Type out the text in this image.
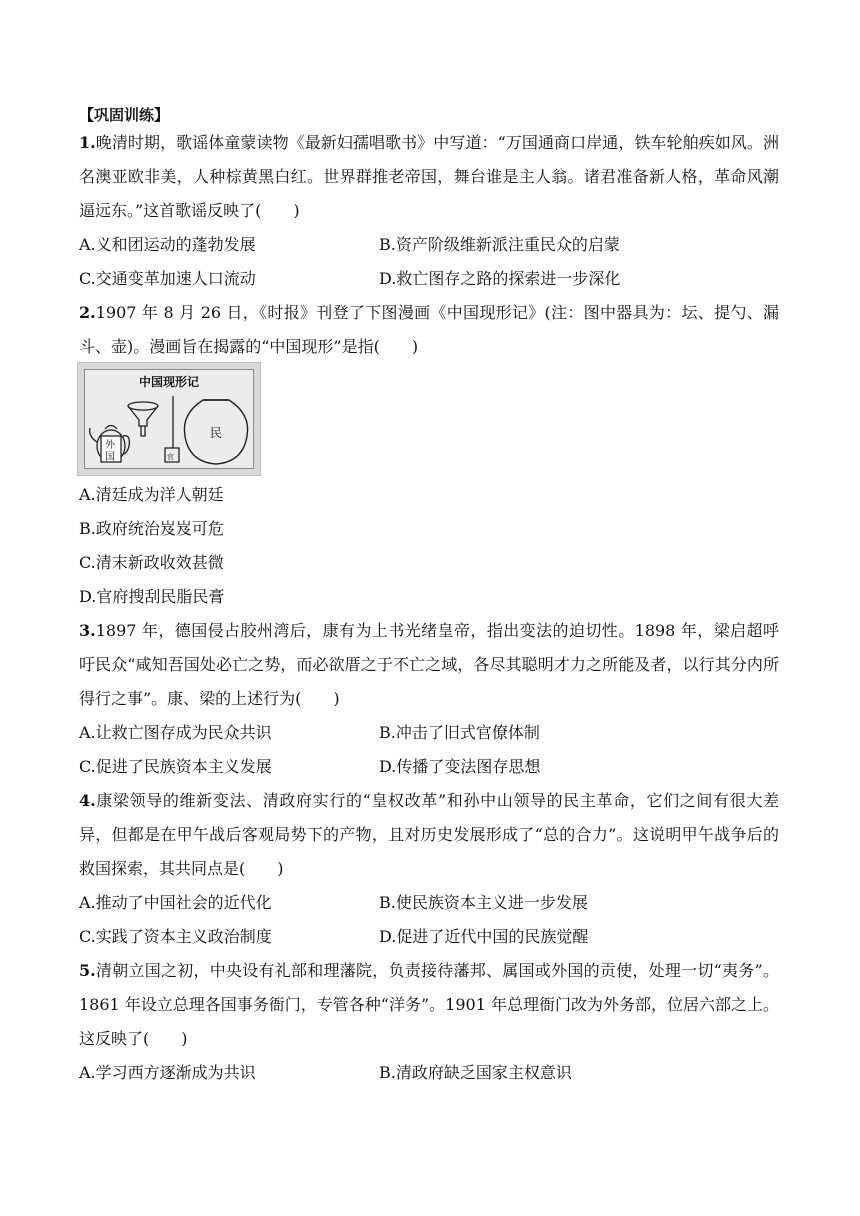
【巩固训练】
1.晚清时期，歌谣体童蒙读物《最新妇孺唱歌书》中写道：“万国通商口岸通，铁车轮舶疾如风。洲名澳亚欧非美，人种棕黄黑白红。世界群推老帝国，舞台谁是主人翁。诸君准备新人格，革命风潮逼远东。”这首歌谣反映了(　　)
A.义和团运动的蓬勃发展	B.资产阶级维新派注重民众的启蒙
C.交通变革加速人口流动	D.救亡图存之路的探索进一步深化
2.1907 年 8 月 26 日，《时报》刊登了下图漫画《中国现形记》(注：图中器具为：坛、提勺、漏斗、壶)。漫画旨在揭露的“中国现形”是指(　　)
中国现形记
外
国	官
民
A.清廷成为洋人朝廷
B.政府统治岌岌可危
C.清末新政收效甚微
D.官府搜刮民脂民膏
3.1897 年，德国侵占胶州湾后，康有为上书光绪皇帝，指出变法的迫切性。1898 年，梁启超呼吁民众“咸知吾国处必亡之势，而必欲厝之于不亡之域，各尽其聪明才力之所能及者，以行其分内所得行之事”。康、梁的上述行为(　　)
A.让救亡图存成为民众共识	B.冲击了旧式官僚体制
C.促进了民族资本主义发展	D.传播了变法图存思想
4.康梁领导的维新变法、清政府实行的“皇权改革”和孙中山领导的民主革命，它们之间有很大差异，但都是在甲午战后客观局势下的产物，且对历史发展形成了“总的合力”。这说明甲午战争后的救国探索，其共同点是(　　)
A.推动了中国社会的近代化	B.使民族资本主义进一步发展
C.实践了资本主义政治制度	D.促进了近代中国的民族觉醒
5.清朝立国之初，中央设有礼部和理藩院，负责接待藩邦、属国或外国的贡使，处理一切“夷务”。1861 年设立总理各国事务衙门，专管各种“洋务”。1901 年总理衙门改为外务部，位居六部之上。这反映了(　　)
A.学习西方逐渐成为共识	B.清政府缺乏国家主权意识
